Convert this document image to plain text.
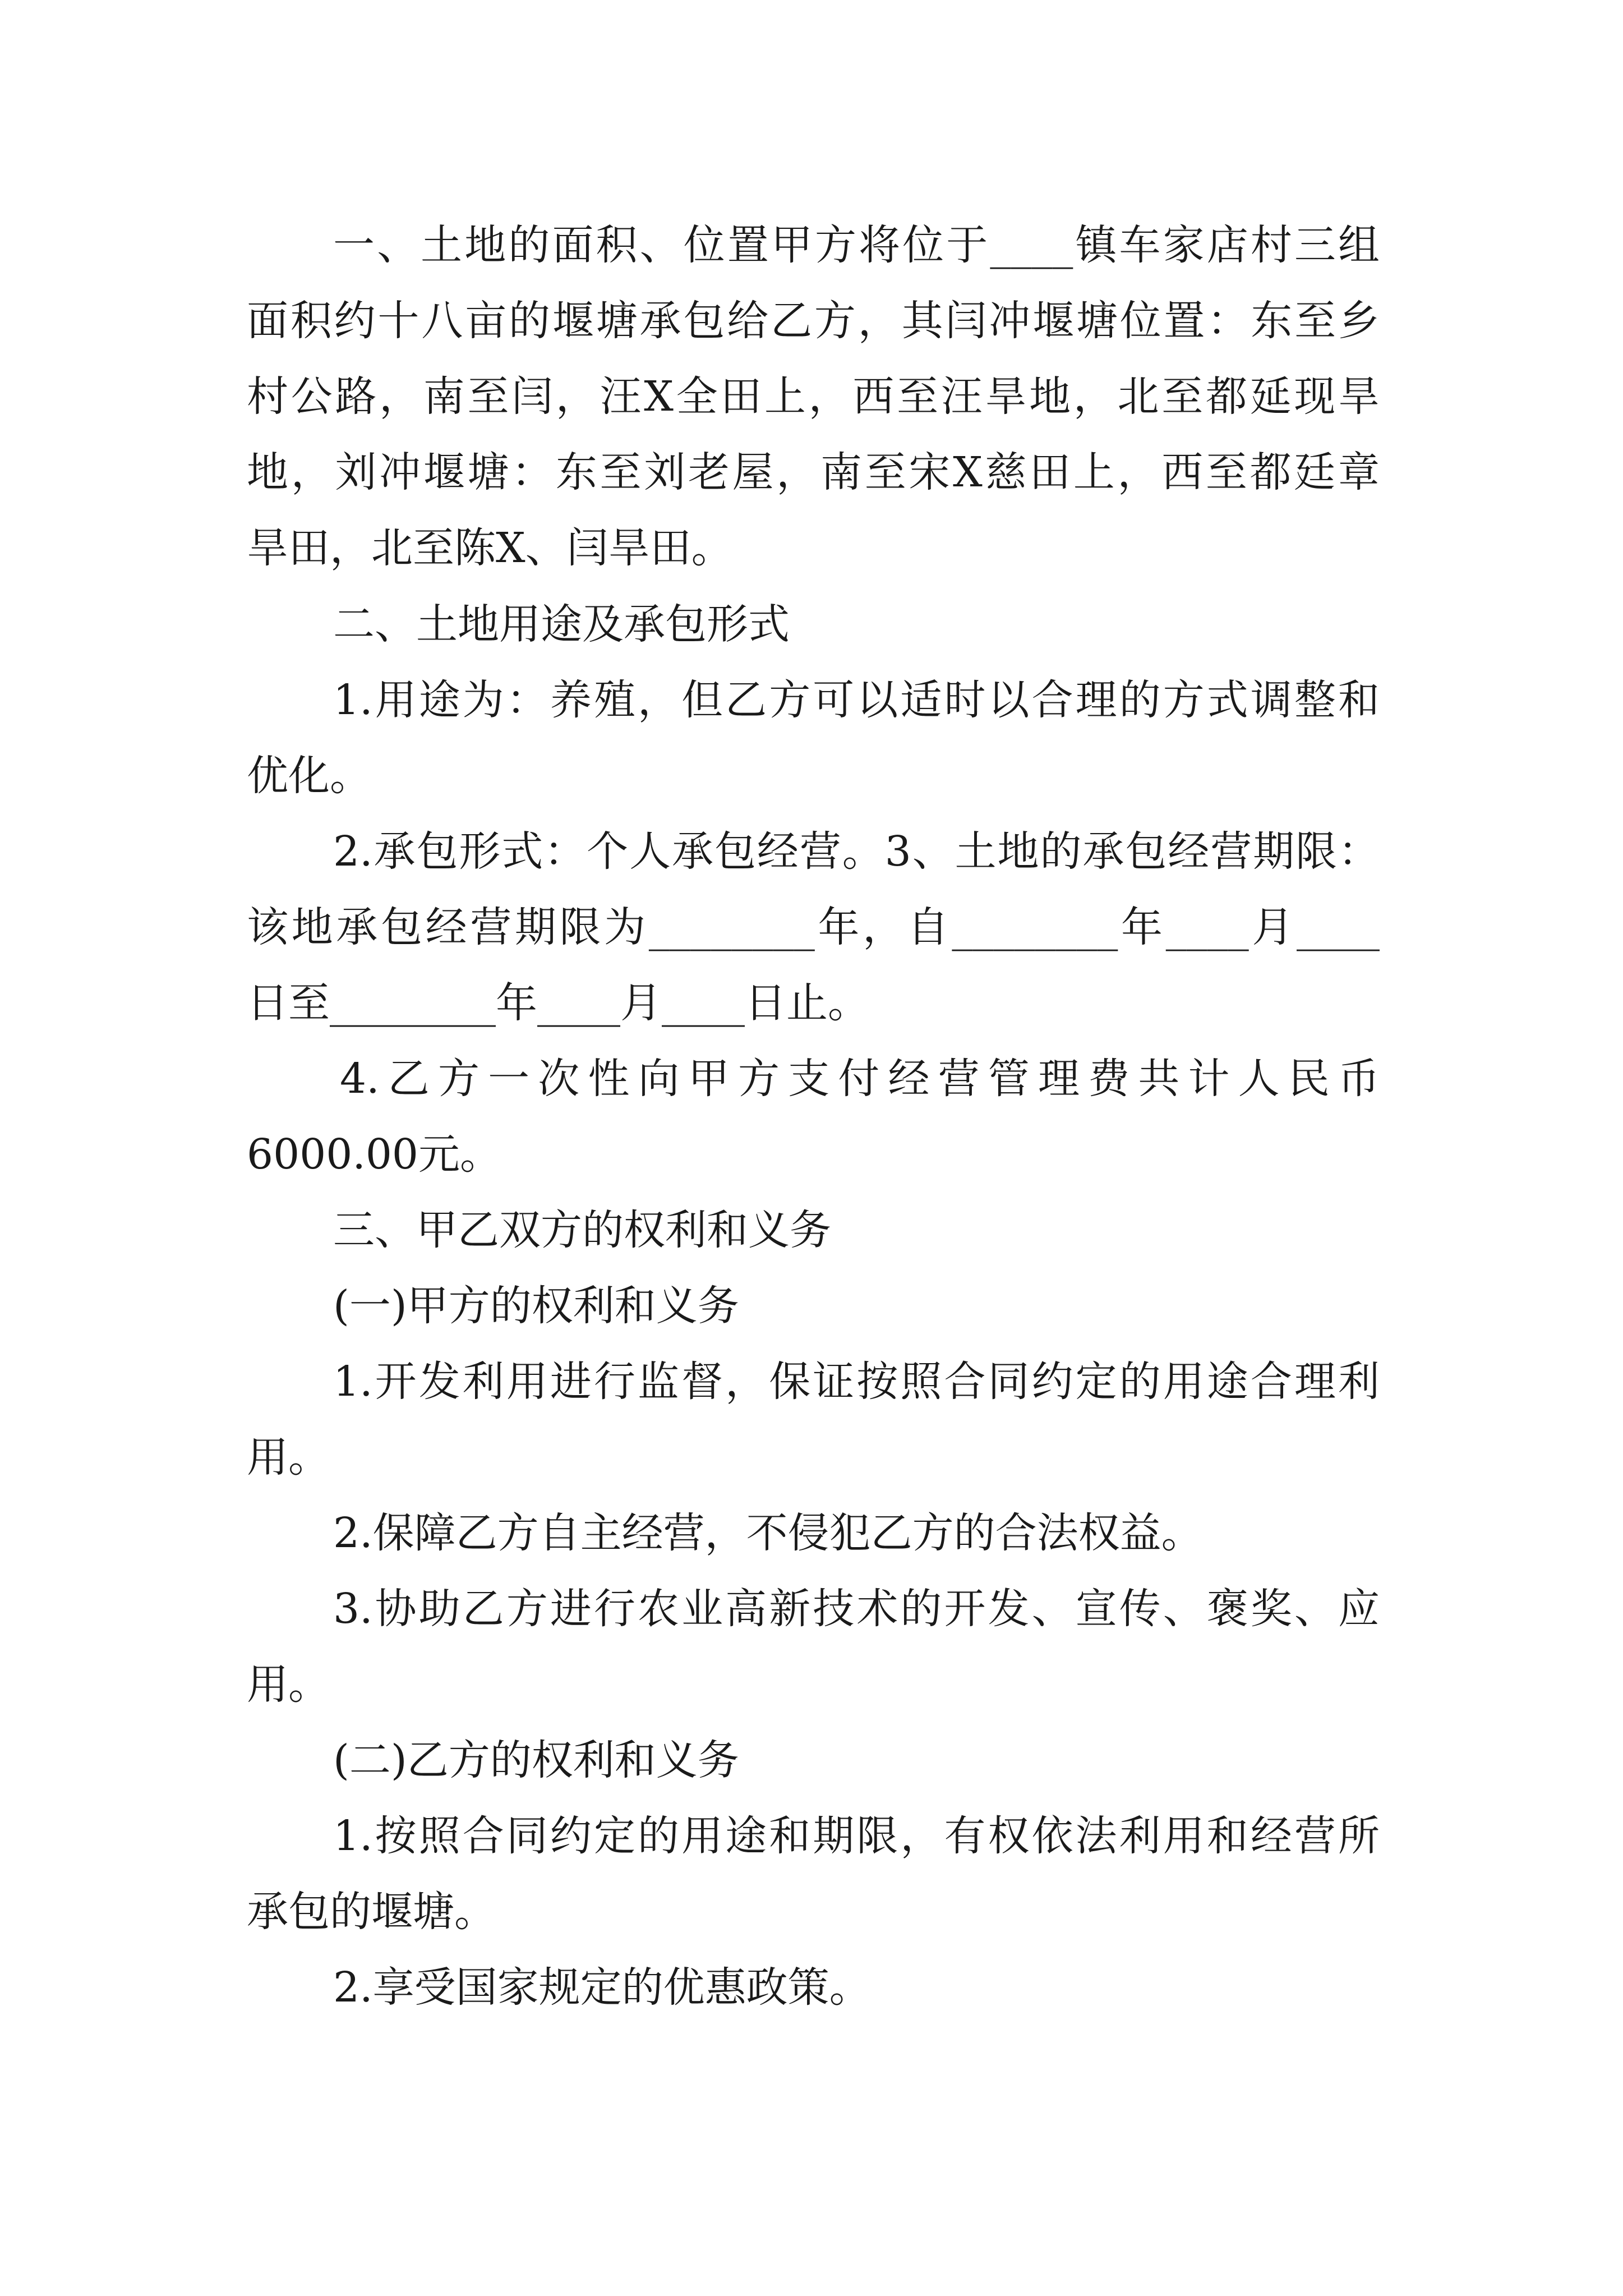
一、土地的面积、位置甲方将位于____镇车家店村三组
面积约十八亩的堰塘承包给乙方，其闫冲堰塘位置：东至乡
村公路，南至闫，汪X全田上，西至汪旱地，北至都延现旱
地，刘冲堰塘：东至刘老屋，南至宋X慈田上，西至都廷章
旱田，北至陈X、闫旱田。
二、土地用途及承包形式
1.用途为：养殖，但乙方可以适时以合理的方式调整和
优化。
2.承包形式：个人承包经营。3、土地的承包经营期限：
该地承包经营期限为________年，自________年____月____
日至________年____月____日止。
4.乙方一次性向甲方支付经营管理费共计人民币
6000.00元。
三、甲乙双方的权利和义务
(一)甲方的权利和义务
1.开发利用进行监督，保证按照合同约定的用途合理利
用。
2.保障乙方自主经营，不侵犯乙方的合法权益。
3.协助乙方进行农业高新技术的开发、宣传、褒奖、应
用。
(二)乙方的权利和义务
1.按照合同约定的用途和期限，有权依法利用和经营所
承包的堰塘。
2.享受国家规定的优惠政策。
